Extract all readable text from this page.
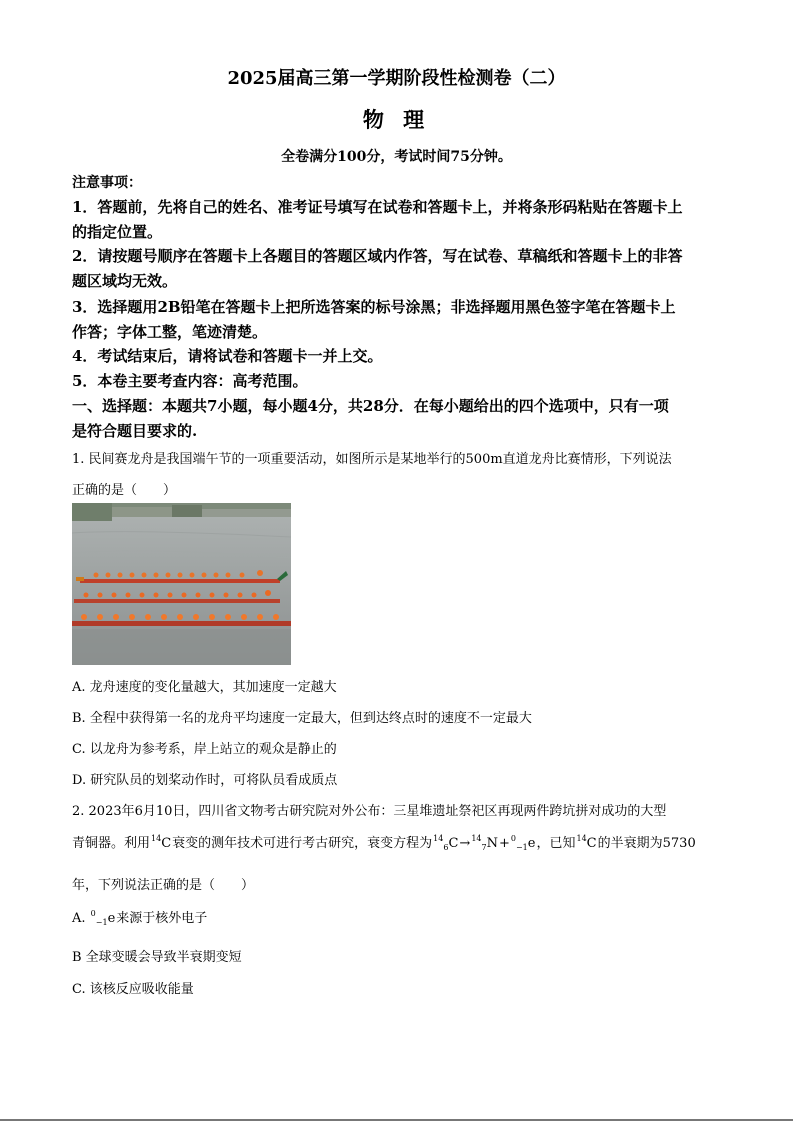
2025届高三第一学期阶段性检测卷（二）
物 理
全卷满分100分，考试时间75分钟。
注意事项：
1．答题前，先将自己的姓名、准考证号填写在试卷和答题卡上，并将条形码粘贴在答题卡上
的指定位置。
2．请按题号顺序在答题卡上各题目的答题区域内作答，写在试卷、草稿纸和答题卡上的非答
题区域均无效。
3．选择题用2B铅笔在答题卡上把所选答案的标号涂黑；非选择题用黑色签字笔在答题卡上
作答；字体工整，笔迹清楚。
4．考试结束后，请将试卷和答题卡一并上交。
5．本卷主要考查内容：高考范围。
一、选择题：本题共7小题，每小题4分，共28分．在每小题给出的四个选项中，只有一项
是符合题目要求的.
1. 民间赛龙舟是我国端午节的一项重要活动，如图所示是某地举行的500m直道龙舟比赛情形，下列说法
正确的是（　　）
A. 龙舟速度的变化量越大，其加速度一定越大
B. 全程中获得第一名的龙舟平均速度一定最大，但到达终点时的速度不一定最大
C. 以龙舟为参考系，岸上站立的观众是静止的
D. 研究队员的划桨动作时，可将队员看成质点
2. 2023年6月10日，四川省文物考古研究院对外公布：三星堆遗址祭祀区再现两件跨坑拼对成功的大型
青铜器。利用$^{14}$C衰变的测年技术可进行考古研究，衰变方程为$^{14}_6$C→$^{14}_7$N+$^0_{-1}$e，已知$^{14}$C的半衰期为5730
年，下列说法正确的是（　　）
A. $^0_{-1}$e来源于核外电子
B 全球变暖会导致半衰期变短
C. 该核反应吸收能量
